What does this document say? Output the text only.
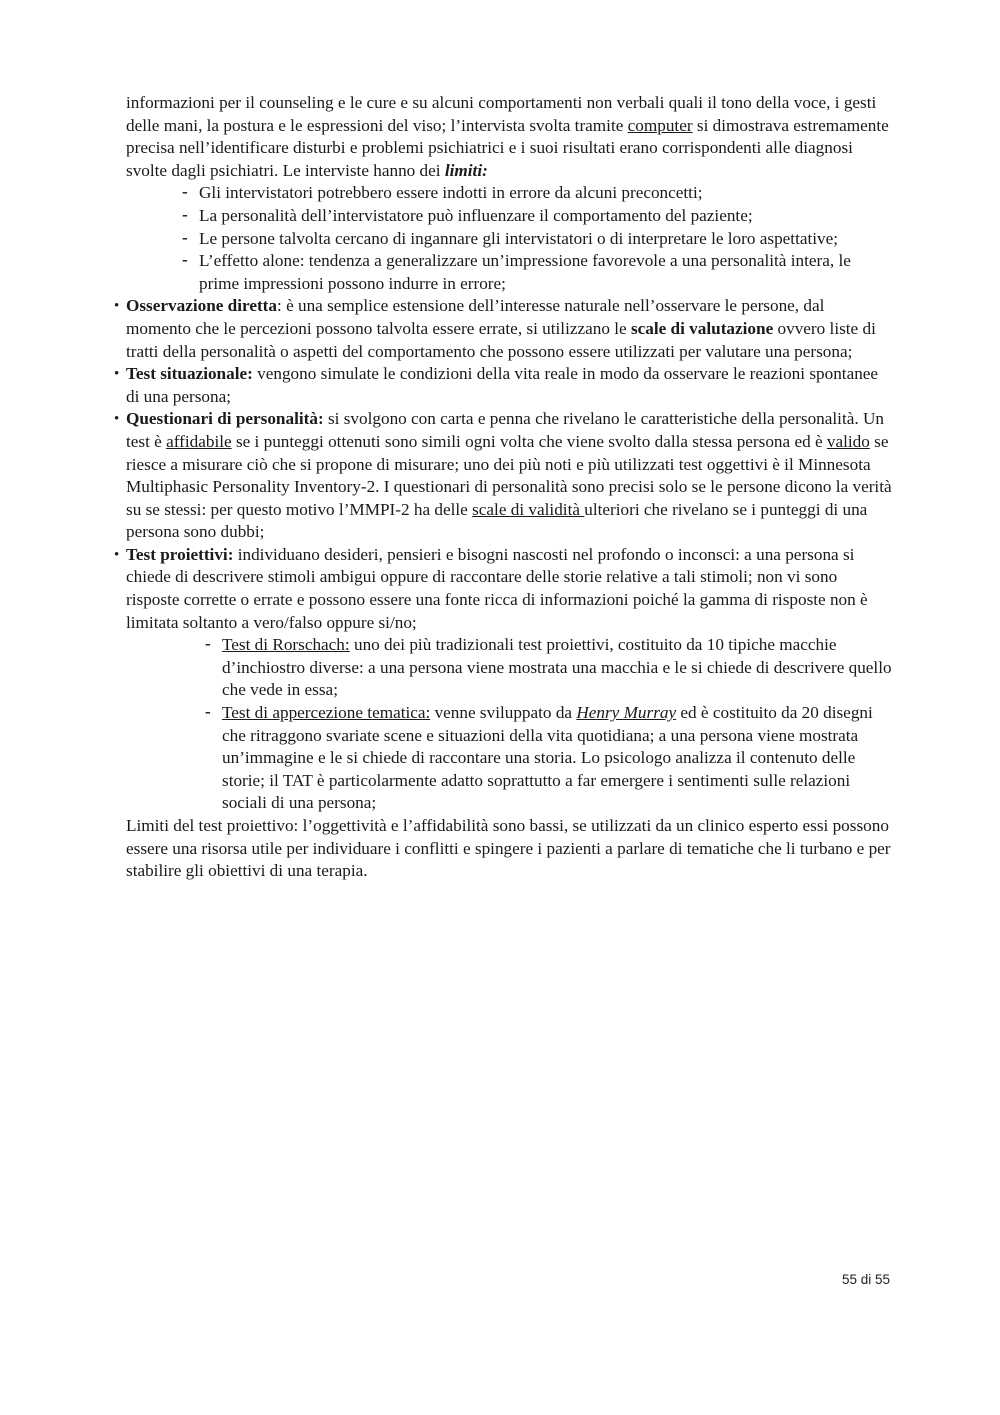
informazioni per il counseling e le cure e su alcuni comportamenti non verbali quali il tono della voce, i gesti delle mani, la postura e le espressioni del viso; l’intervista svolta tramite computer si dimostrava estremamente precisa nell’identificare disturbi e problemi psichiatrici e i suoi risultati erano corrispondenti alle diagnosi svolte dagli psichiatri. Le interviste hanno dei limiti:

- Gli intervistatori potrebbero essere indotti in errore da alcuni preconcetti;
- La personalità dell’intervistatore può influenzare il comportamento del paziente;
- Le persone talvolta cercano di ingannare gli intervistatori o di interpretare le loro aspettative;
- L’effetto alone: tendenza a generalizzare un’impressione favorevole a una personalità intera, le prime impressioni possono indurre in errore;
• Osservazione diretta: è una semplice estensione dell’interesse naturale nell’osservare le persone, dal momento che le percezioni possono talvolta essere errate, si utilizzano le scale di valutazione ovvero liste di tratti della personalità o aspetti del comportamento che possono essere utilizzati per valutare una persona;
• Test situazionale: vengono simulate le condizioni della vita reale in modo da osservare le reazioni spontanee di una persona;
• Questionari di personalità: si svolgono con carta e penna che rivelano le caratteristiche della personalità. Un test è affidabile se i punteggi ottenuti sono simili ogni volta che viene svolto dalla stessa persona ed è valido se riesce a misurare ciò che si propone di misurare; uno dei più noti e più utilizzati test oggettivi è il Minnesota Multiphasic Personality Inventory-2. I questionari di personalità sono precisi solo se le persone dicono la verità su se stessi: per questo motivo l’MMPI-2 ha delle scale di validità ulteriori che rivelano se i punteggi di una persona sono dubbi;
• Test proiettivi: individuano desideri, pensieri e bisogni nascosti nel profondo o inconsci: a una persona si chiede di descrivere stimoli ambigui oppure di raccontare delle storie relative a tali stimoli; non vi sono risposte corrette o errate e possono essere una fonte ricca di informazioni poiché la gamma di risposte non è limitata soltanto a vero/falso oppure si/no;
- Test di Rorschach: uno dei più tradizionali test proiettivi, costituito da 10 tipiche macchie d’inchiostro diverse: a una persona viene mostrata una macchia e le si chiede di descrivere quello che vede in essa;
- Test di appercezione tematica: venne sviluppato da Henry Murray ed è costituito da 20 disegni che ritraggono svariate scene e situazioni della vita quotidiana; a una persona viene mostrata un’immagine e le si chiede di raccontare una storia. Lo psicologo analizza il contenuto delle storie; il TAT è particolarmente adatto soprattutto a far emergere i sentimenti sulle relazioni sociali di una persona;

Limiti del test proiettivo: l’oggettività e l’affidabilità sono bassi, se utilizzati da un clinico esperto essi possono essere una risorsa utile per individuare i conflitti e spingere i pazienti a parlare di tematiche che li turbano e per stabilire gli obiettivi di una terapia.

55 di 55
